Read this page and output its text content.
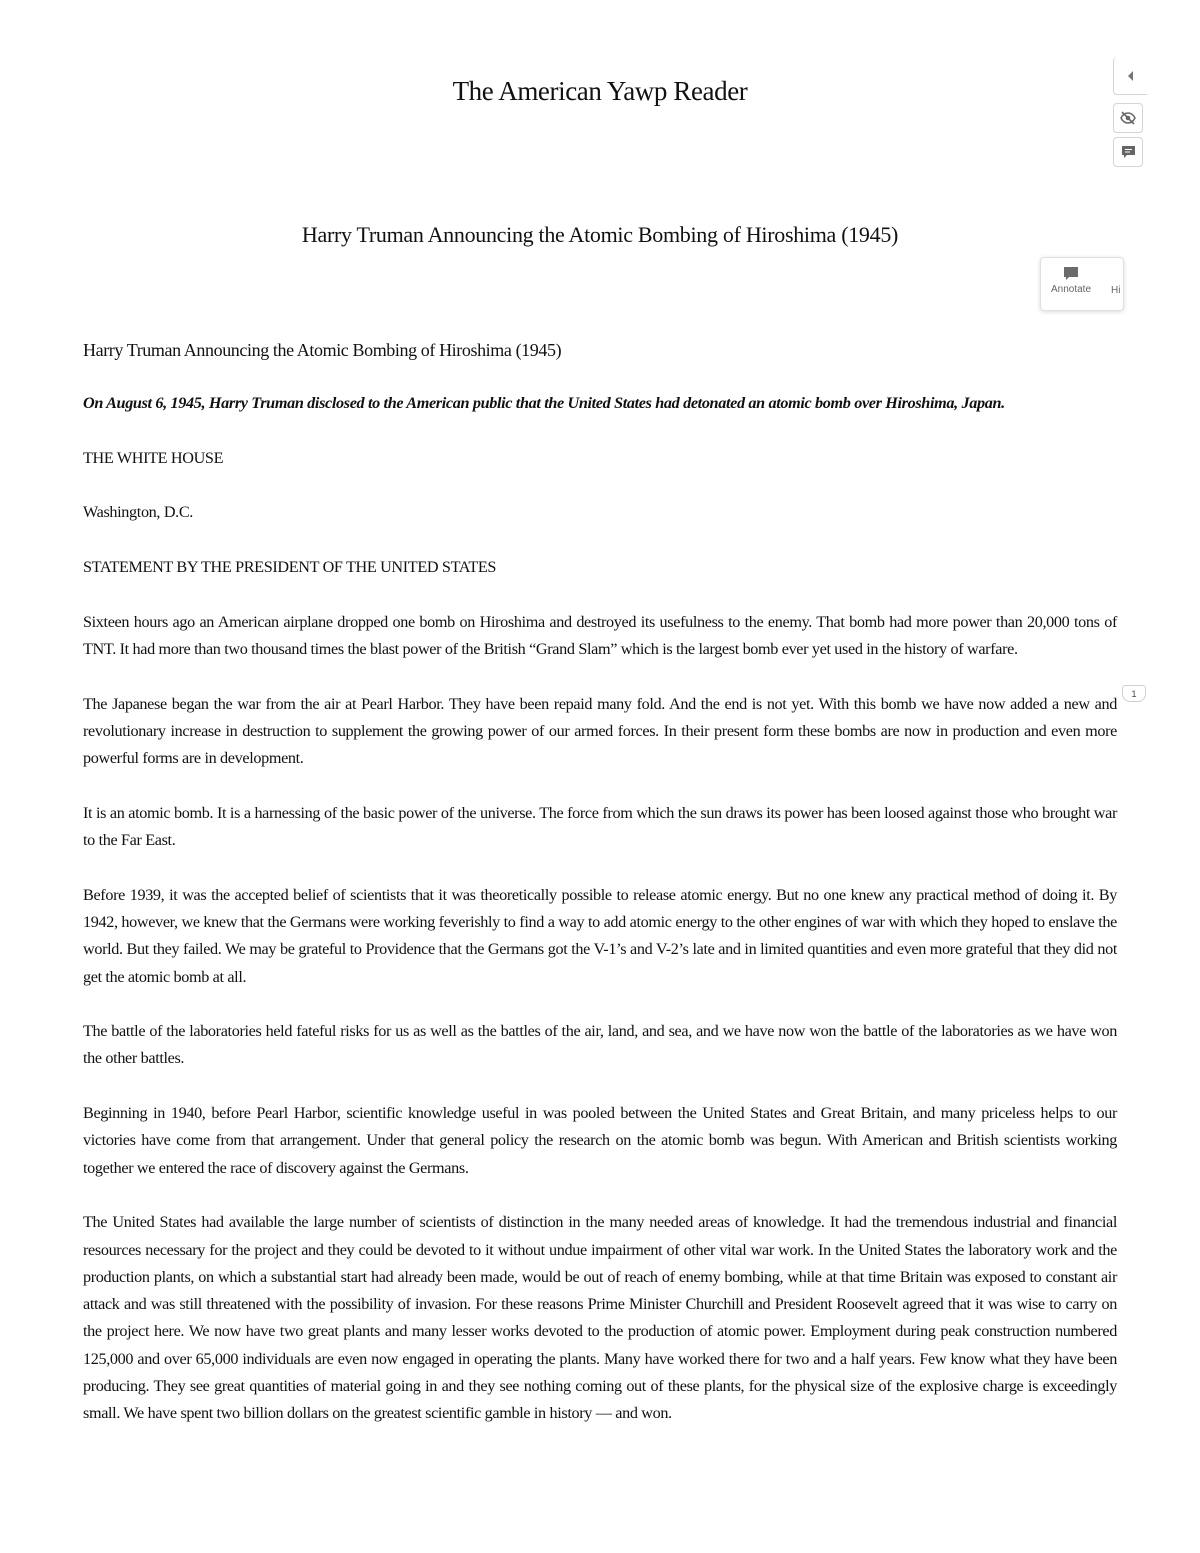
The American Yawp Reader
Harry Truman Announcing the Atomic Bombing of Hiroshima (1945)

Harry Truman Announcing the Atomic Bombing of Hiroshima (1945)

On August 6, 1945, Harry Truman disclosed to the American public that the United States had detonated an atomic bomb over Hiroshima, Japan.

THE WHITE HOUSE

Washington, D.C.

STATEMENT BY THE PRESIDENT OF THE UNITED STATES

Sixteen hours ago an American airplane dropped one bomb on Hiroshima and destroyed its usefulness to the enemy. That bomb had more power than 20,000 tons of TNT. It had more than two thousand times the blast power of the British “Grand Slam” which is the largest bomb ever yet used in the history of warfare.

The Japanese began the war from the air at Pearl Harbor. They have been repaid many fold. And the end is not yet. With this bomb we have now added a new and revolutionary increase in destruction to supplement the growing power of our armed forces. In their present form these bombs are now in production and even more powerful forms are in development.

It is an atomic bomb. It is a harnessing of the basic power of the universe. The force from which the sun draws its power has been loosed against those who brought war to the Far East.

Before 1939, it was the accepted belief of scientists that it was theoretically possible to release atomic energy. But no one knew any practical method of doing it. By 1942, however, we knew that the Germans were working feverishly to find a way to add atomic energy to the other engines of war with which they hoped to enslave the world. But they failed. We may be grateful to Providence that the Germans got the V-1’s and V-2’s late and in limited quantities and even more grateful that they did not get the atomic bomb at all.

The battle of the laboratories held fateful risks for us as well as the battles of the air, land, and sea, and we have now won the battle of the laboratories as we have won the other battles.

Beginning in 1940, before Pearl Harbor, scientific knowledge useful in was pooled between the United States and Great Britain, and many priceless helps to our victories have come from that arrangement. Under that general policy the research on the atomic bomb was begun. With American and British scientists working together we entered the race of discovery against the Germans.

The United States had available the large number of scientists of distinction in the many needed areas of knowledge. It had the tremendous industrial and financial resources necessary for the project and they could be devoted to it without undue impairment of other vital war work. In the United States the laboratory work and the production plants, on which a substantial start had already been made, would be out of reach of enemy bombing, while at that time Britain was exposed to constant air attack and was still threatened with the possibility of invasion. For these reasons Prime Minister Churchill and President Roosevelt agreed that it was wise to carry on the project here. We now have two great plants and many lesser works devoted to the production of atomic power. Employment during peak construction numbered 125,000 and over 65,000 individuals are even now engaged in operating the plants. Many have worked there for two and a half years. Few know what they have been producing. They see great quantities of material going in and they see nothing coming out of these plants, for the physical size of the explosive charge is exceedingly small. We have spent two billion dollars on the greatest scientific gamble in history — and won.

Annotate	Hi
1
